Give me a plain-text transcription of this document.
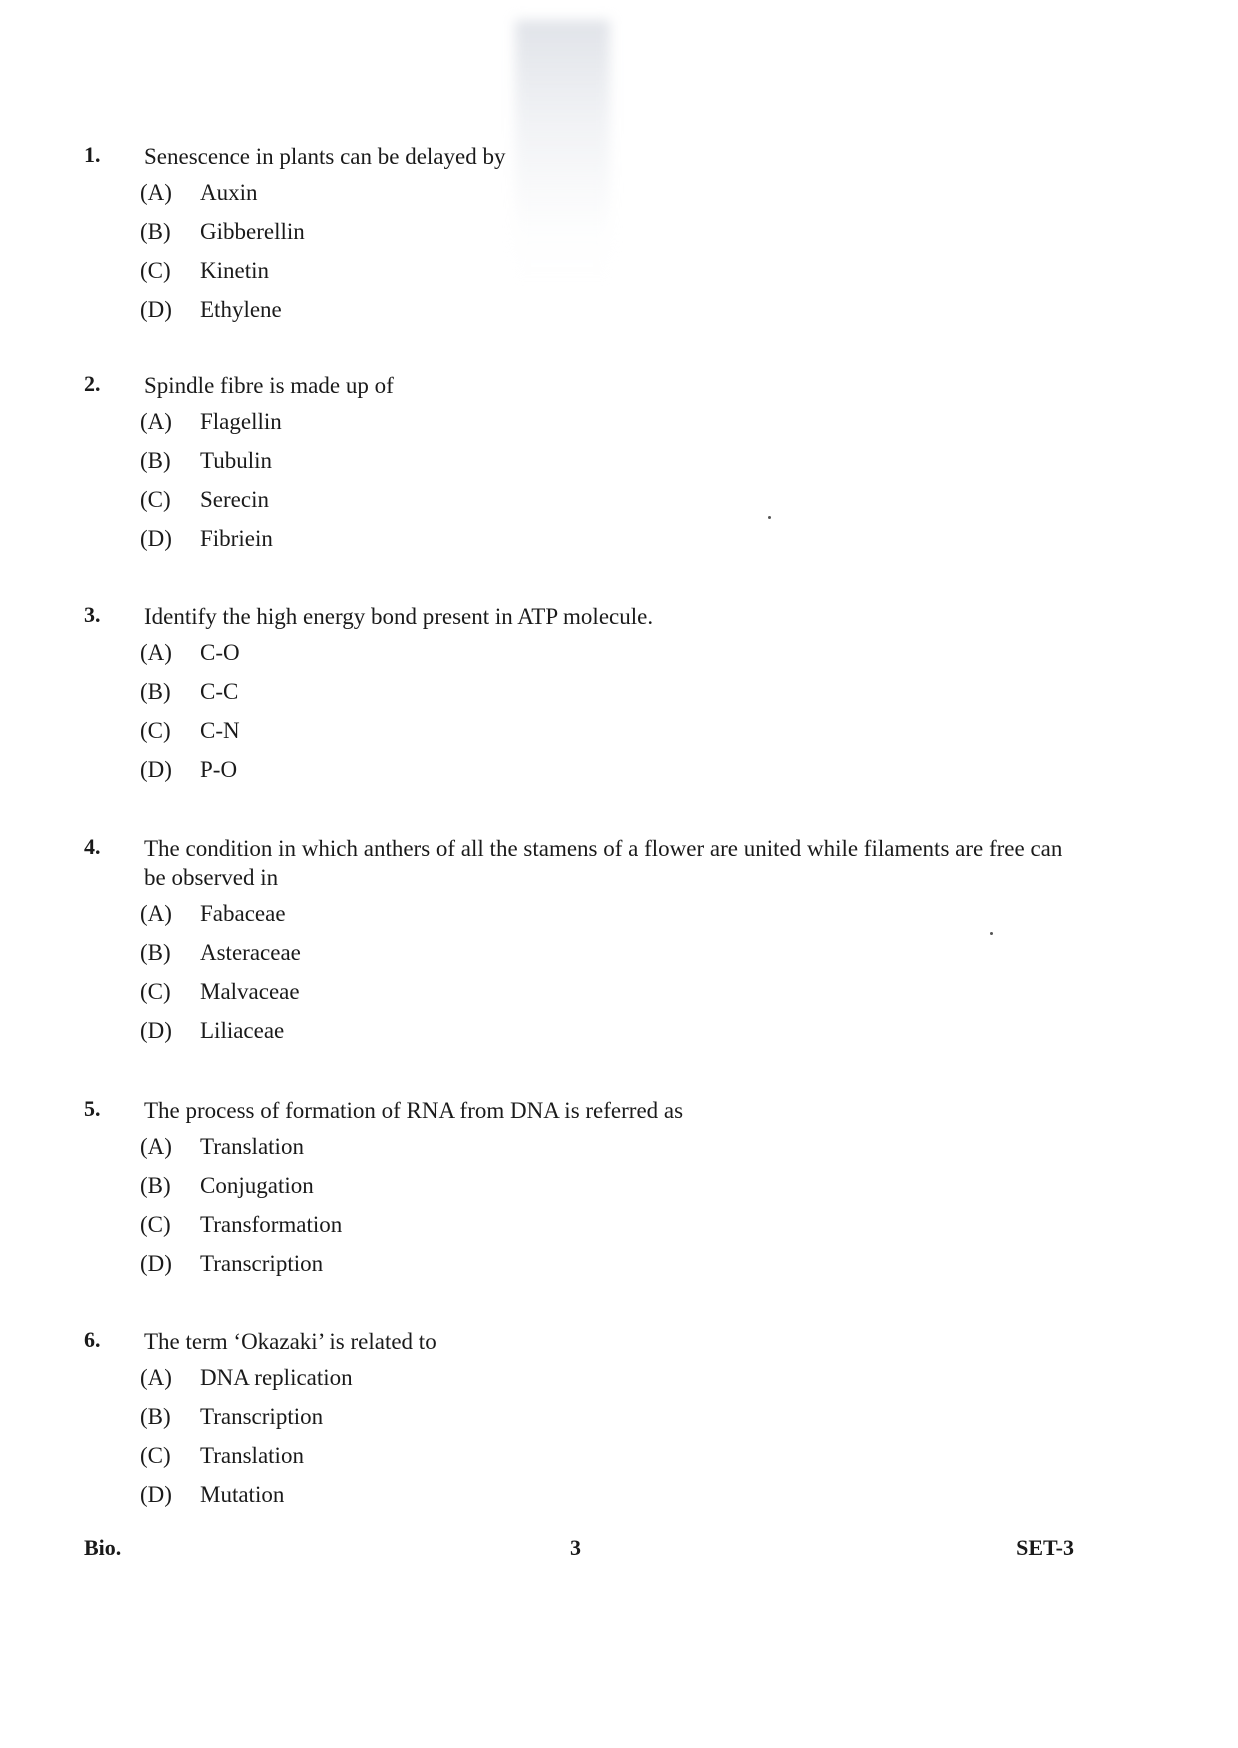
1. Senescence in plants can be delayed by
(A) Auxin
(B) Gibberellin
(C) Kinetin
(D) Ethylene
2. Spindle fibre is made up of
(A) Flagellin
(B) Tubulin
(C) Serecin
(D) Fibriein
3. Identify the high energy bond present in ATP molecule.
(A) C-O
(B) C-C
(C) C-N
(D) P-O
4. The condition in which anthers of all the stamens of a flower are united while filaments are free can be observed in
(A) Fabaceae
(B) Asteraceae
(C) Malvaceae
(D) Liliaceae
5. The process of formation of RNA from DNA is referred as
(A) Translation
(B) Conjugation
(C) Transformation
(D) Transcription
6. The term ‘Okazaki’ is related to
(A) DNA replication
(B) Transcription
(C) Translation
(D) Mutation
Bio.	3	SET-3
